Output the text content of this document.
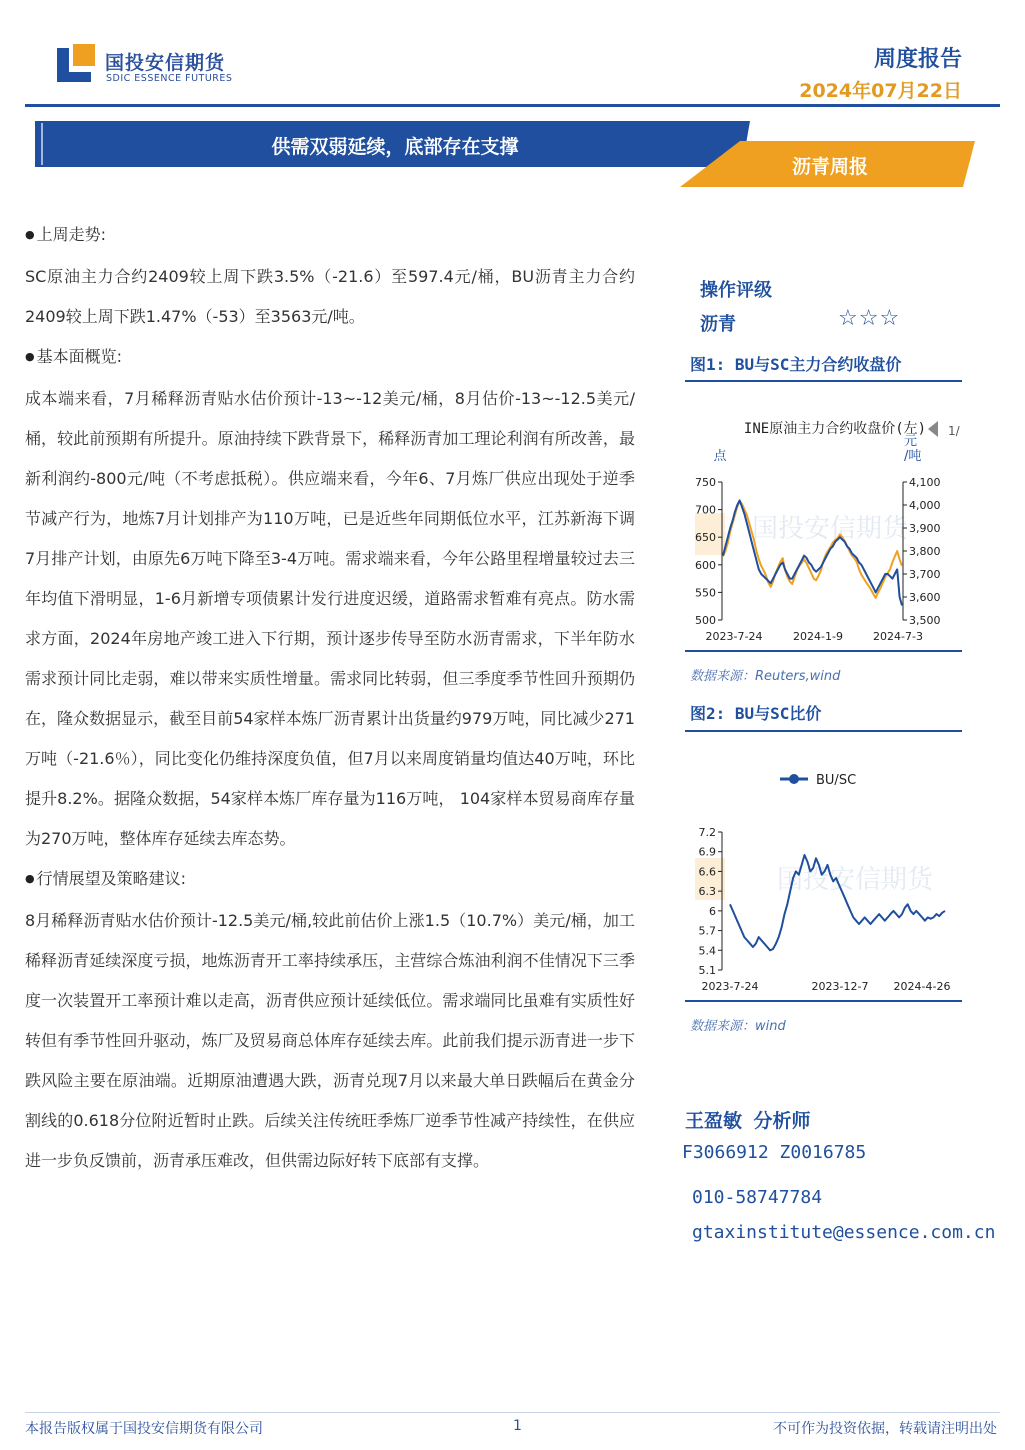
国投安信期货
SDIC ESSENCE FUTURES
周度报告
2024年07月22日
供需双弱延续，底部存在支撑
沥青周报

● 上周走势:

SC原油主力合约2409较上周下跌3.5%（-21.6）至597.4元/桶，BU沥青主力合约2409较上周下跌1.47%（-53）至3563元/吨。

● 基本面概览:

成本端来看，7月稀释沥青贴水估价预计-13~-12美元/桶，8月估价-13~-12.5美元/桶，较此前预期有所提升。原油持续下跌背景下，稀释沥青加工理论利润有所改善，最新利润约-800元/吨（不考虑抵税）。供应端来看，今年6、7月炼厂供应出现处于逆季节减产行为，地炼7月计划排产为110万吨，已是近些年同期低位水平，江苏新海下调7月排产计划，由原先6万吨下降至3-4万吨。需求端来看，今年公路里程增量较过去三年均值下滑明显，1-6月新增专项债累计发行进度迟缓，道路需求暂难有亮点。防水需求方面，2024年房地产竣工进入下行期，预计逐步传导至防水沥青需求，下半年防水需求预计同比走弱，难以带来实质性增量。需求同比转弱，但三季度季节性回升预期仍在，隆众数据显示，截至目前54家样本炼厂沥青累计出货量约979万吨，同比减少271万吨（-21.6％），同比变化仍维持深度负值，但7月以来周度销量均值达40万吨，环比提升8.2%。据隆众数据，54家样本炼厂库存量为116万吨， 104家样本贸易商库存量为270万吨，整体库存延续去库态势。

● 行情展望及策略建议:

8月稀释沥青贴水估价预计-12.5美元/桶,较此前估价上涨1.5（10.7%）美元/桶，加工稀释沥青延续深度亏损，地炼沥青开工率持续承压，主营综合炼油利润不佳情况下三季度一次装置开工率预计难以走高，沥青供应预计延续低位。需求端同比虽难有实质性好转但有季节性回升驱动，炼厂及贸易商总体库存延续去库。此前我们提示沥青进一步下跌风险主要在原油端。近期原油遭遇大跌，沥青兑现7月以来最大单日跌幅后在黄金分割线的0.618分位附近暂时止跌。后续关注传统旺季炼厂逆季节性减产持续性，在供应进一步负反馈前，沥青承压难改，但供需边际好转下底部有支撑。

操作评级
沥青	☆☆☆
图1: BU与SC主力合约收盘价
INE原油主力合约收盘价(左) 1/
点
元/吨
国投安信期货
750
700
650
600
550
500
4,100
4,000
3,900
3,800
3,700
3,600
3,500
2023-7-24	2024-1-9	2024-7-3
数据来源：Reuters,wind
图2: BU与SC比价
BU/SC
国投安信期货
7.2
6.9
6.6
6.3
6
5.7
5.4
5.1
2023-7-24	2023-12-7 2024-4-26
数据来源：wind
王盈敏 分析师
F3066912 Z0016785
010-58747784
gtaxinstitute@essence.com.cn
本报告版权属于国投安信期货有限公司	1	不可作为投资依据，转载请注明出处
